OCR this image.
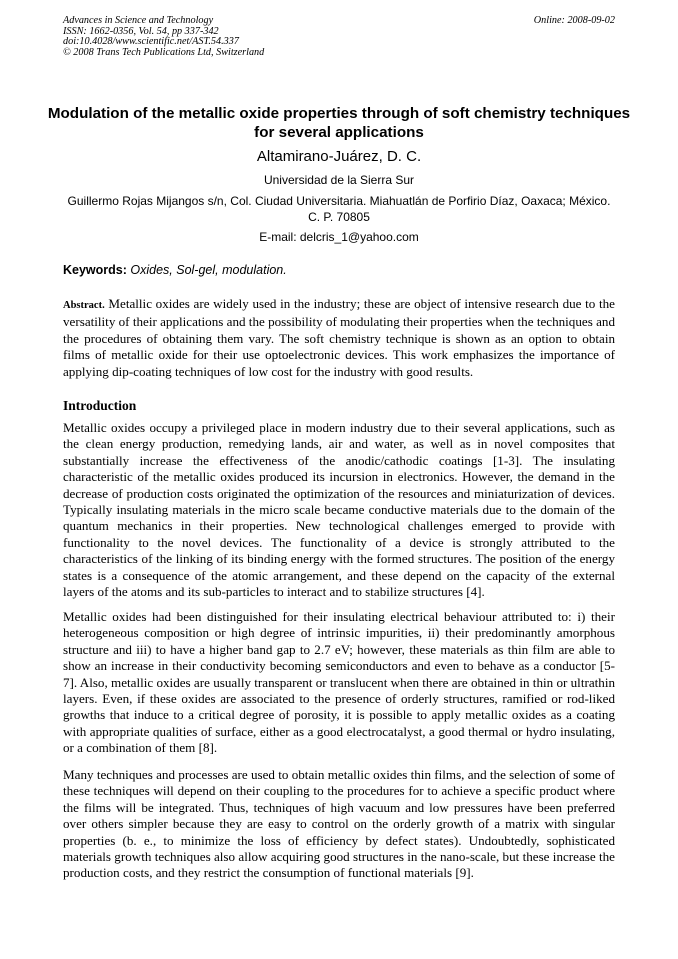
Advances in Science and Technology
ISSN: 1662-0356, Vol. 54, pp 337-342
doi:10.4028/www.scientific.net/AST.54.337
© 2008 Trans Tech Publications Ltd, Switzerland
Online: 2008-09-02
Modulation of the metallic oxide properties through of soft chemistry techniques for several applications
Altamirano-Juárez, D. C.
Universidad de la Sierra Sur
Guillermo Rojas Mijangos s/n, Col. Ciudad Universitaria. Miahuatlán de Porfirio Díaz, Oaxaca; México. C. P. 70805
E-mail: delcris_1@yahoo.com
Keywords: Oxides, Sol-gel, modulation.

Abstract. Metallic oxides are widely used in the industry; these are object of intensive research due to the versatility of their applications and the possibility of modulating their properties when the techniques and the procedures of obtaining them vary. The soft chemistry technique is shown as an option to obtain films of metallic oxide for their use optoelectronic devices. This work emphasizes the importance of applying dip-coating techniques of low cost for the industry with good results.

Introduction

Metallic oxides occupy a privileged place in modern industry due to their several applications, such as the clean energy production, remedying lands, air and water, as well as in novel composites that substantially increase the effectiveness of the anodic/cathodic coatings [1-3]. The insulating characteristic of the metallic oxides produced its incursion in electronics. However, the demand in the decrease of production costs originated the optimization of the resources and miniaturization of devices. Typically insulating materials in the micro scale became conductive materials due to the domain of the quantum mechanics in their properties. New technological challenges emerged to provide with functionality to the novel devices. The functionality of a device is strongly attributed to the characteristics of the linking of its binding energy with the formed structures. The position of the energy states is a consequence of the atomic arrangement, and these depend on the capacity of the external layers of the atoms and its sub-particles to interact and to stabilize structures [4].

Metallic oxides had been distinguished for their insulating electrical behaviour attributed to: i) their heterogeneous composition or high degree of intrinsic impurities, ii) their predominantly amorphous structure and iii) to have a higher band gap to 2.7 eV; however, these materials as thin film are able to show an increase in their conductivity becoming semiconductors and even to behave as a conductor [5-7]. Also, metallic oxides are usually transparent or translucent when there are obtained in thin or ultrathin layers. Even, if these oxides are associated to the presence of orderly structures, ramified or rod-liked growths that induce to a critical degree of porosity, it is possible to apply metallic oxides as a coating with appropriate qualities of surface, either as a good electrocatalyst, a good thermal or hydro insulating, or a combination of them [8].

Many techniques and processes are used to obtain metallic oxides thin films, and the selection of some of these techniques will depend on their coupling to the procedures for to achieve a specific product where the films will be integrated. Thus, techniques of high vacuum and low pressures have been preferred over others simpler because they are easy to control on the orderly growth of a matrix with singular properties (b. e., to minimize the loss of efficiency by defect states). Undoubtedly, sophisticated materials growth techniques also allow acquiring good structures in the nano-scale, but these increase the production costs, and they restrict the consumption of functional materials [9].
